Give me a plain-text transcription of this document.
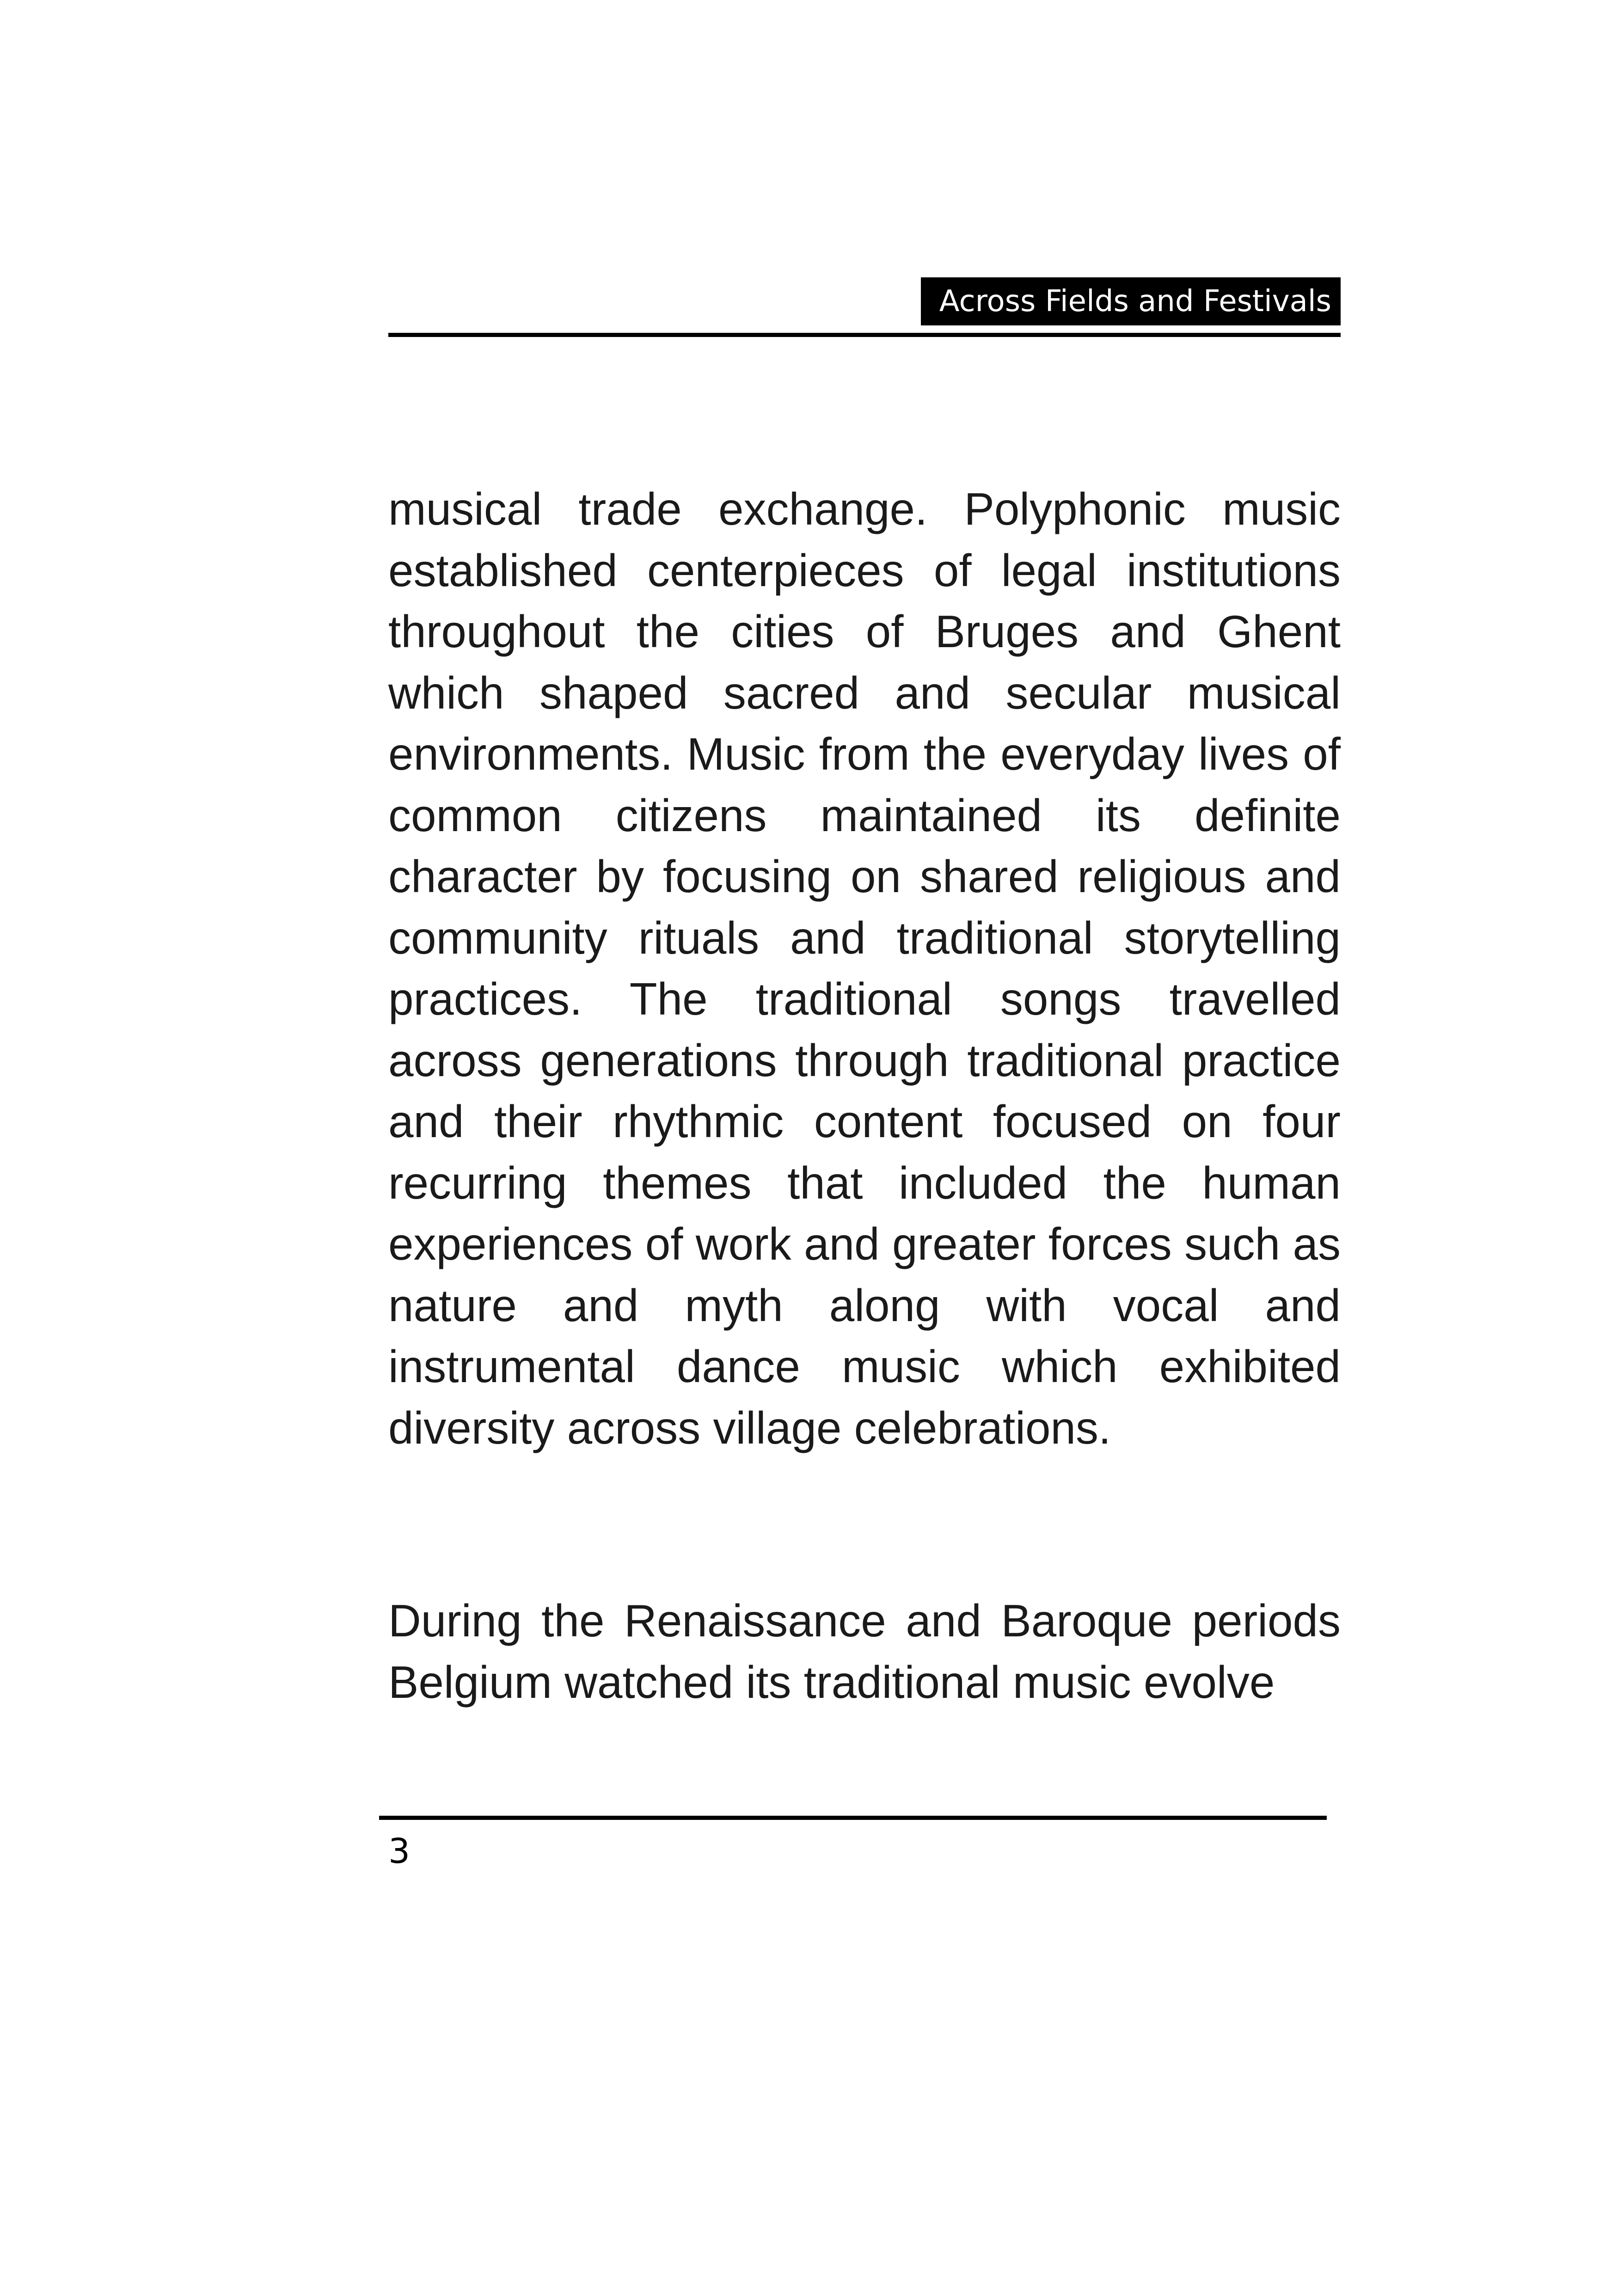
Across Fields and Festivals

musical trade exchange. Polyphonic music established centerpieces of legal institutions throughout the cities of Bruges and Ghent which shaped sacred and secular musical environments. Music from the everyday lives of common citizens maintained its definite character by focusing on shared religious and community rituals and traditional storytelling practices. The traditional songs travelled across generations through traditional practice and their rhythmic content focused on four recurring themes that included the human experiences of work and greater forces such as nature and myth along with vocal and instrumental dance music which exhibited diversity across village celebrations.

During the Renaissance and Baroque periods Belgium watched its traditional music evolve

3
